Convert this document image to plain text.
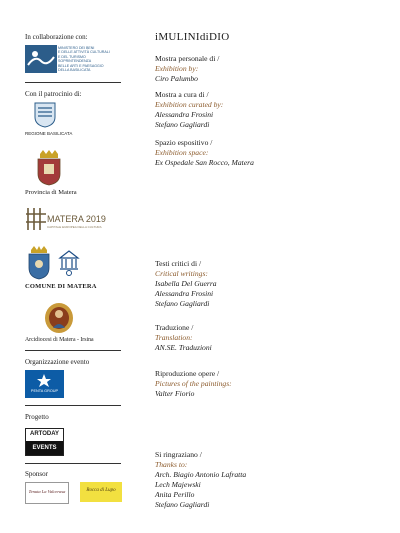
In collaborazione con:
MINISTERO DEI BENI
E DELLE ATTIVITÀ CULTURALI
E DEL TURISMO
SOPRINTENDENZA
BELLE ARTI E PAESAGGIO
DELLA BASILICATA
Con il patrocinio di:
REGIONE BASILICATA
Provincia di Matera
MATERA 2019
CAPITALE EUROPEA DELLA CULTURA
COMUNE DI MATERA
Arcidiocesi di Matera - Irsina
Organizzazione evento
PENTA GROUP
Progetto
ARTODAY
EVENTS
Sponsor
Tenuta La Valcerasa	Rocca di Lupo
iMULINIdiDIO
Mostra personale di /
Exhibition by:
Ciro Palumbo
Mostra a cura di /
Exhibition curated by:
Alessandra Frosini
Stefano Gagliardi
Spazio espositivo /
Exhibition space:
Ex Ospedale San Rocco, Matera
Testi critici di /
Critical writings:
Isabella Del Guerra
Alessandra Frosini
Stefano Gagliardi
Traduzione /
Translation:
AN.SE. Traduzioni
Riproduzione opere /
Pictures of the paintings:
Valter Fiorio
Si ringraziano /
Thanks to:
Arch. Biagio Antonio Lafratta
Lech Majewski
Anita Perillo
Stefano Gagliardi
